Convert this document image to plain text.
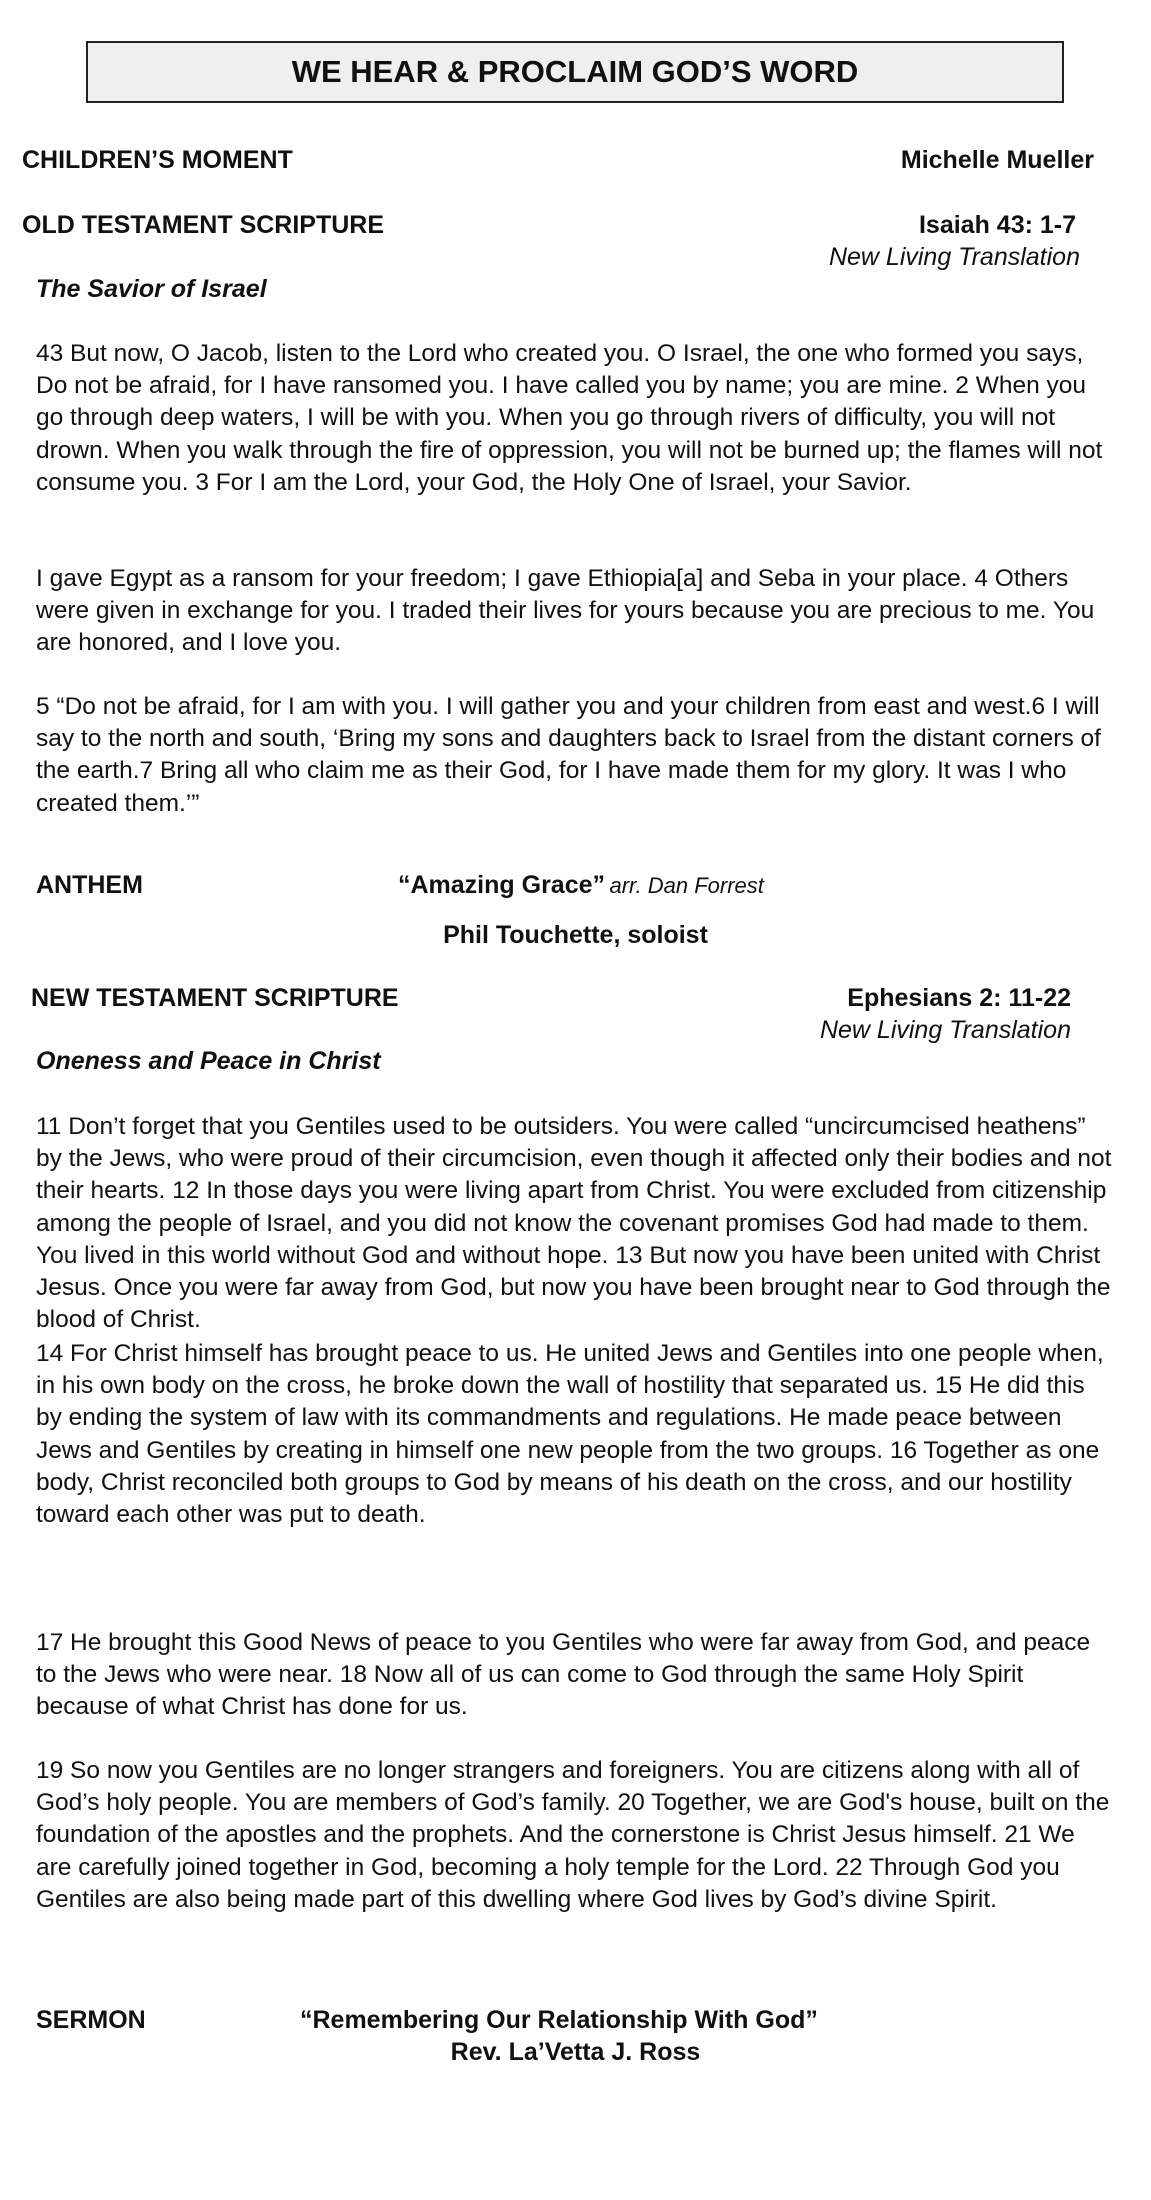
WE HEAR & PROCLAIM GOD’S WORD
CHILDREN’S MOMENT	Michelle Mueller
OLD TESTAMENT SCRIPTURE	Isaiah 43: 1-7
New Living Translation
The Savior of Israel

43 But now, O Jacob, listen to the Lord who created you. O Israel, the one who formed you says, Do not be afraid, for I have ransomed you. I have called you by name; you are mine. 2 When you go through deep waters, I will be with you. When you go through rivers of difficulty, you will not drown. When you walk through the fire of oppression, you will not be burned up; the flames will not consume you. 3 For I am the Lord, your God, the Holy One of Israel, your Savior.

I gave Egypt as a ransom for your freedom; I gave Ethiopia[a] and Seba in your place. 4 Others were given in exchange for you. I traded their lives for yours because you are precious to me. You are honored, and I love you.

5 “Do not be afraid, for I am with you. I will gather you and your children from east and west.6 I will say to the north and south, ‘Bring my sons and daughters back to Israel from the distant corners of the earth.7 Bring all who claim me as their God, for I have made them for my glory. It was I who created them.’”

ANTHEM	“Amazing Grace” arr. Dan Forrest
Phil Touchette, soloist
NEW TESTAMENT SCRIPTURE	Ephesians 2: 11-22
New Living Translation
Oneness and Peace in Christ

11 Don’t forget that you Gentiles used to be outsiders. You were called “uncircumcised heathens” by the Jews, who were proud of their circumcision, even though it affected only their bodies and not their hearts. 12 In those days you were living apart from Christ. You were excluded from citizenship among the people of Israel, and you did not know the covenant promises God had made to them. You lived in this world without God and without hope. 13 But now you have been united with Christ Jesus. Once you were far away from God, but now you have been brought near to God through the blood of Christ.

14 For Christ himself has brought peace to us. He united Jews and Gentiles into one people when, in his own body on the cross, he broke down the wall of hostility that separated us. 15 He did this by ending the system of law with its commandments and regulations. He made peace between Jews and Gentiles by creating in himself one new people from the two groups. 16 Together as one body, Christ reconciled both groups to God by means of his death on the cross, and our hostility toward each other was put to death.

17 He brought this Good News of peace to you Gentiles who were far away from God, and peace to the Jews who were near. 18 Now all of us can come to God through the same Holy Spirit because of what Christ has done for us.

19 So now you Gentiles are no longer strangers and foreigners. You are citizens along with all of God’s holy people. You are members of God’s family. 20 Together, we are God's house, built on the foundation of the apostles and the prophets. And the cornerstone is Christ Jesus himself. 21 We are carefully joined together in God, becoming a holy temple for the Lord. 22 Through God you Gentiles are also being made part of this dwelling where God lives by God’s divine Spirit.

SERMON	“Remembering Our Relationship With God”
Rev. La’Vetta J. Ross
